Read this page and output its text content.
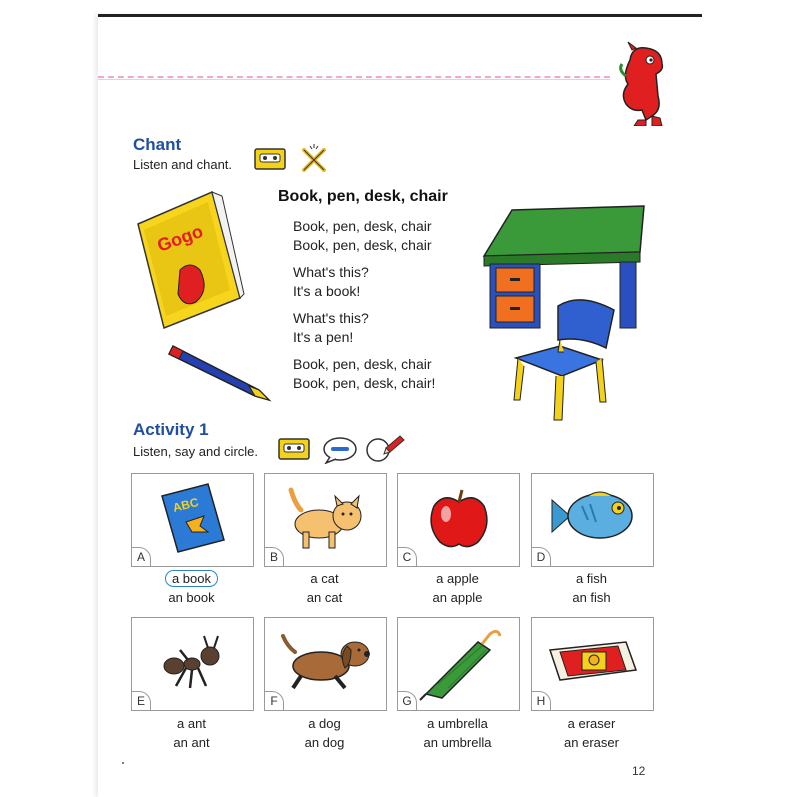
Chant
Listen and chant.
Gogo
Book, pen, desk, chair
Book, pen, desk, chair
Book, pen, desk, chair
What's this?
It's a book!
What's this?
It's a pen!
Book, pen, desk, chair
Book, pen, desk, chair!
Activity 1
Listen, say and circle.
ABC
A	B	C	D
a book
an book
a cat
an cat
a apple
an apple
a fish
an fish
E	F	G	H
a ant
an ant
a dog
an dog
a umbrella
an umbrella
a eraser
an eraser
12
